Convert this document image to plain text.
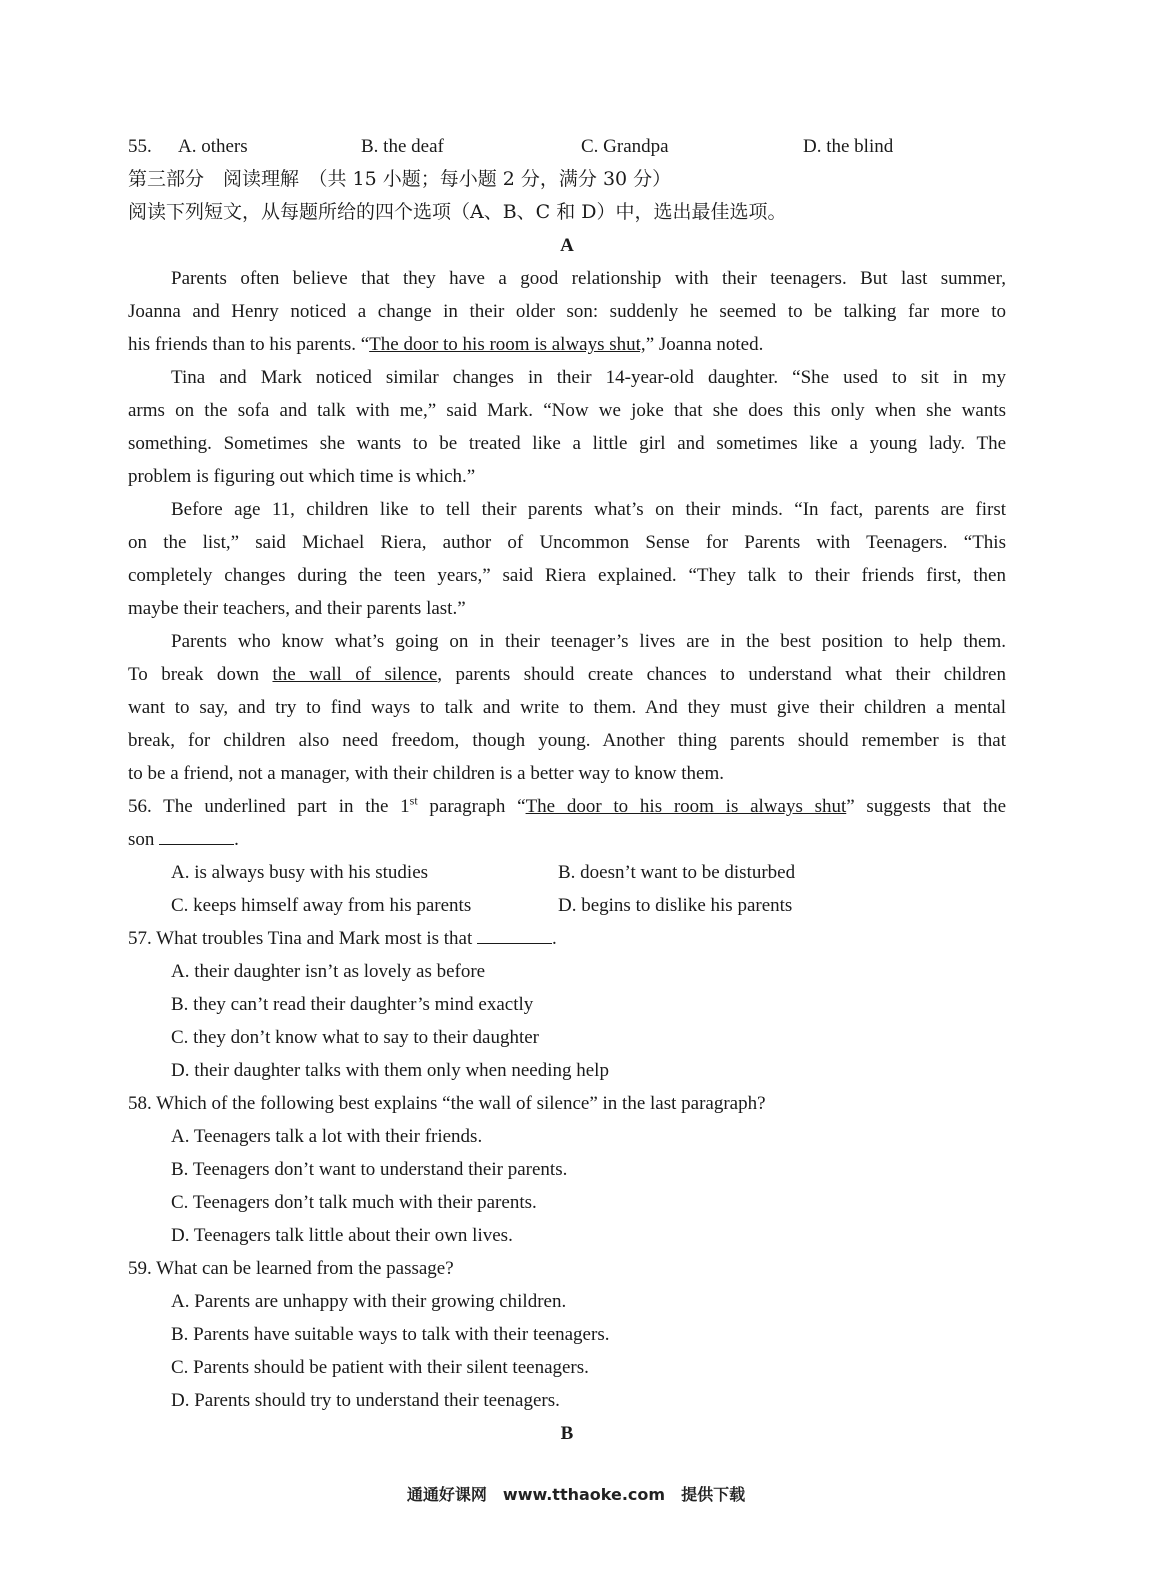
55. A. others	B. the deaf	C. Grandpa	D. the blind
第三部分　阅读理解　（共 15 小题；每小题 2 分，满分 30 分）
阅读下列短文，从每题所给的四个选项（A、B、C 和 D）中，选出最佳选项。
A
Parents often believe that they have a good relationship with their teenagers. But last summer,
Joanna and Henry noticed a change in their older son: suddenly he seemed to be talking far more to
his friends than to his parents. “The door to his room is always shut,” Joanna noted.
Tina and Mark noticed similar changes in their 14-year-old daughter. “She used to sit in my
arms on the sofa and talk with me,” said Mark. “Now we joke that she does this only when she wants
something. Sometimes she wants to be treated like a little girl and sometimes like a young lady. The
problem is figuring out which time is which.”
Before age 11, children like to tell their parents what’s on their minds. “In fact, parents are first
on the list,” said Michael Riera, author of Uncommon Sense for Parents with Teenagers. “This
completely changes during the teen years,” said Riera explained. “They talk to their friends first, then
maybe their teachers, and their parents last.”
Parents who know what’s going on in their teenager’s lives are in the best position to help them.
To break down the wall of silence, parents should create chances to understand what their children
want to say, and try to find ways to talk and write to them. And they must give their children a mental
break, for children also need freedom, though young. Another thing parents should remember is that
to be a friend, not a manager, with their children is a better way to know them.
56. The underlined part in the 1st paragraph “The door to his room is always shut” suggests that the
son	.
A. is always busy with his studies	B. doesn’t want to be disturbed
C. keeps himself away from his parents	D. begins to dislike his parents
57. What troubles Tina and Mark most is that	.
A. their daughter isn’t as lovely as before
B. they can’t read their daughter’s mind exactly
C. they don’t know what to say to their daughter
D. their daughter talks with them only when needing help
58. Which of the following best explains “the wall of silence” in the last paragraph?
A. Teenagers talk a lot with their friends.
B. Teenagers don’t want to understand their parents.
C. Teenagers don’t talk much with their parents.
D. Teenagers talk little about their own lives.
59. What can be learned from the passage?
A. Parents are unhappy with their growing children.
B. Parents have suitable ways to talk with their teenagers.
C. Parents should be patient with their silent teenagers.
D. Parents should try to understand their teenagers.
B
通通好课网　www.tthaoke.com　提供下载
